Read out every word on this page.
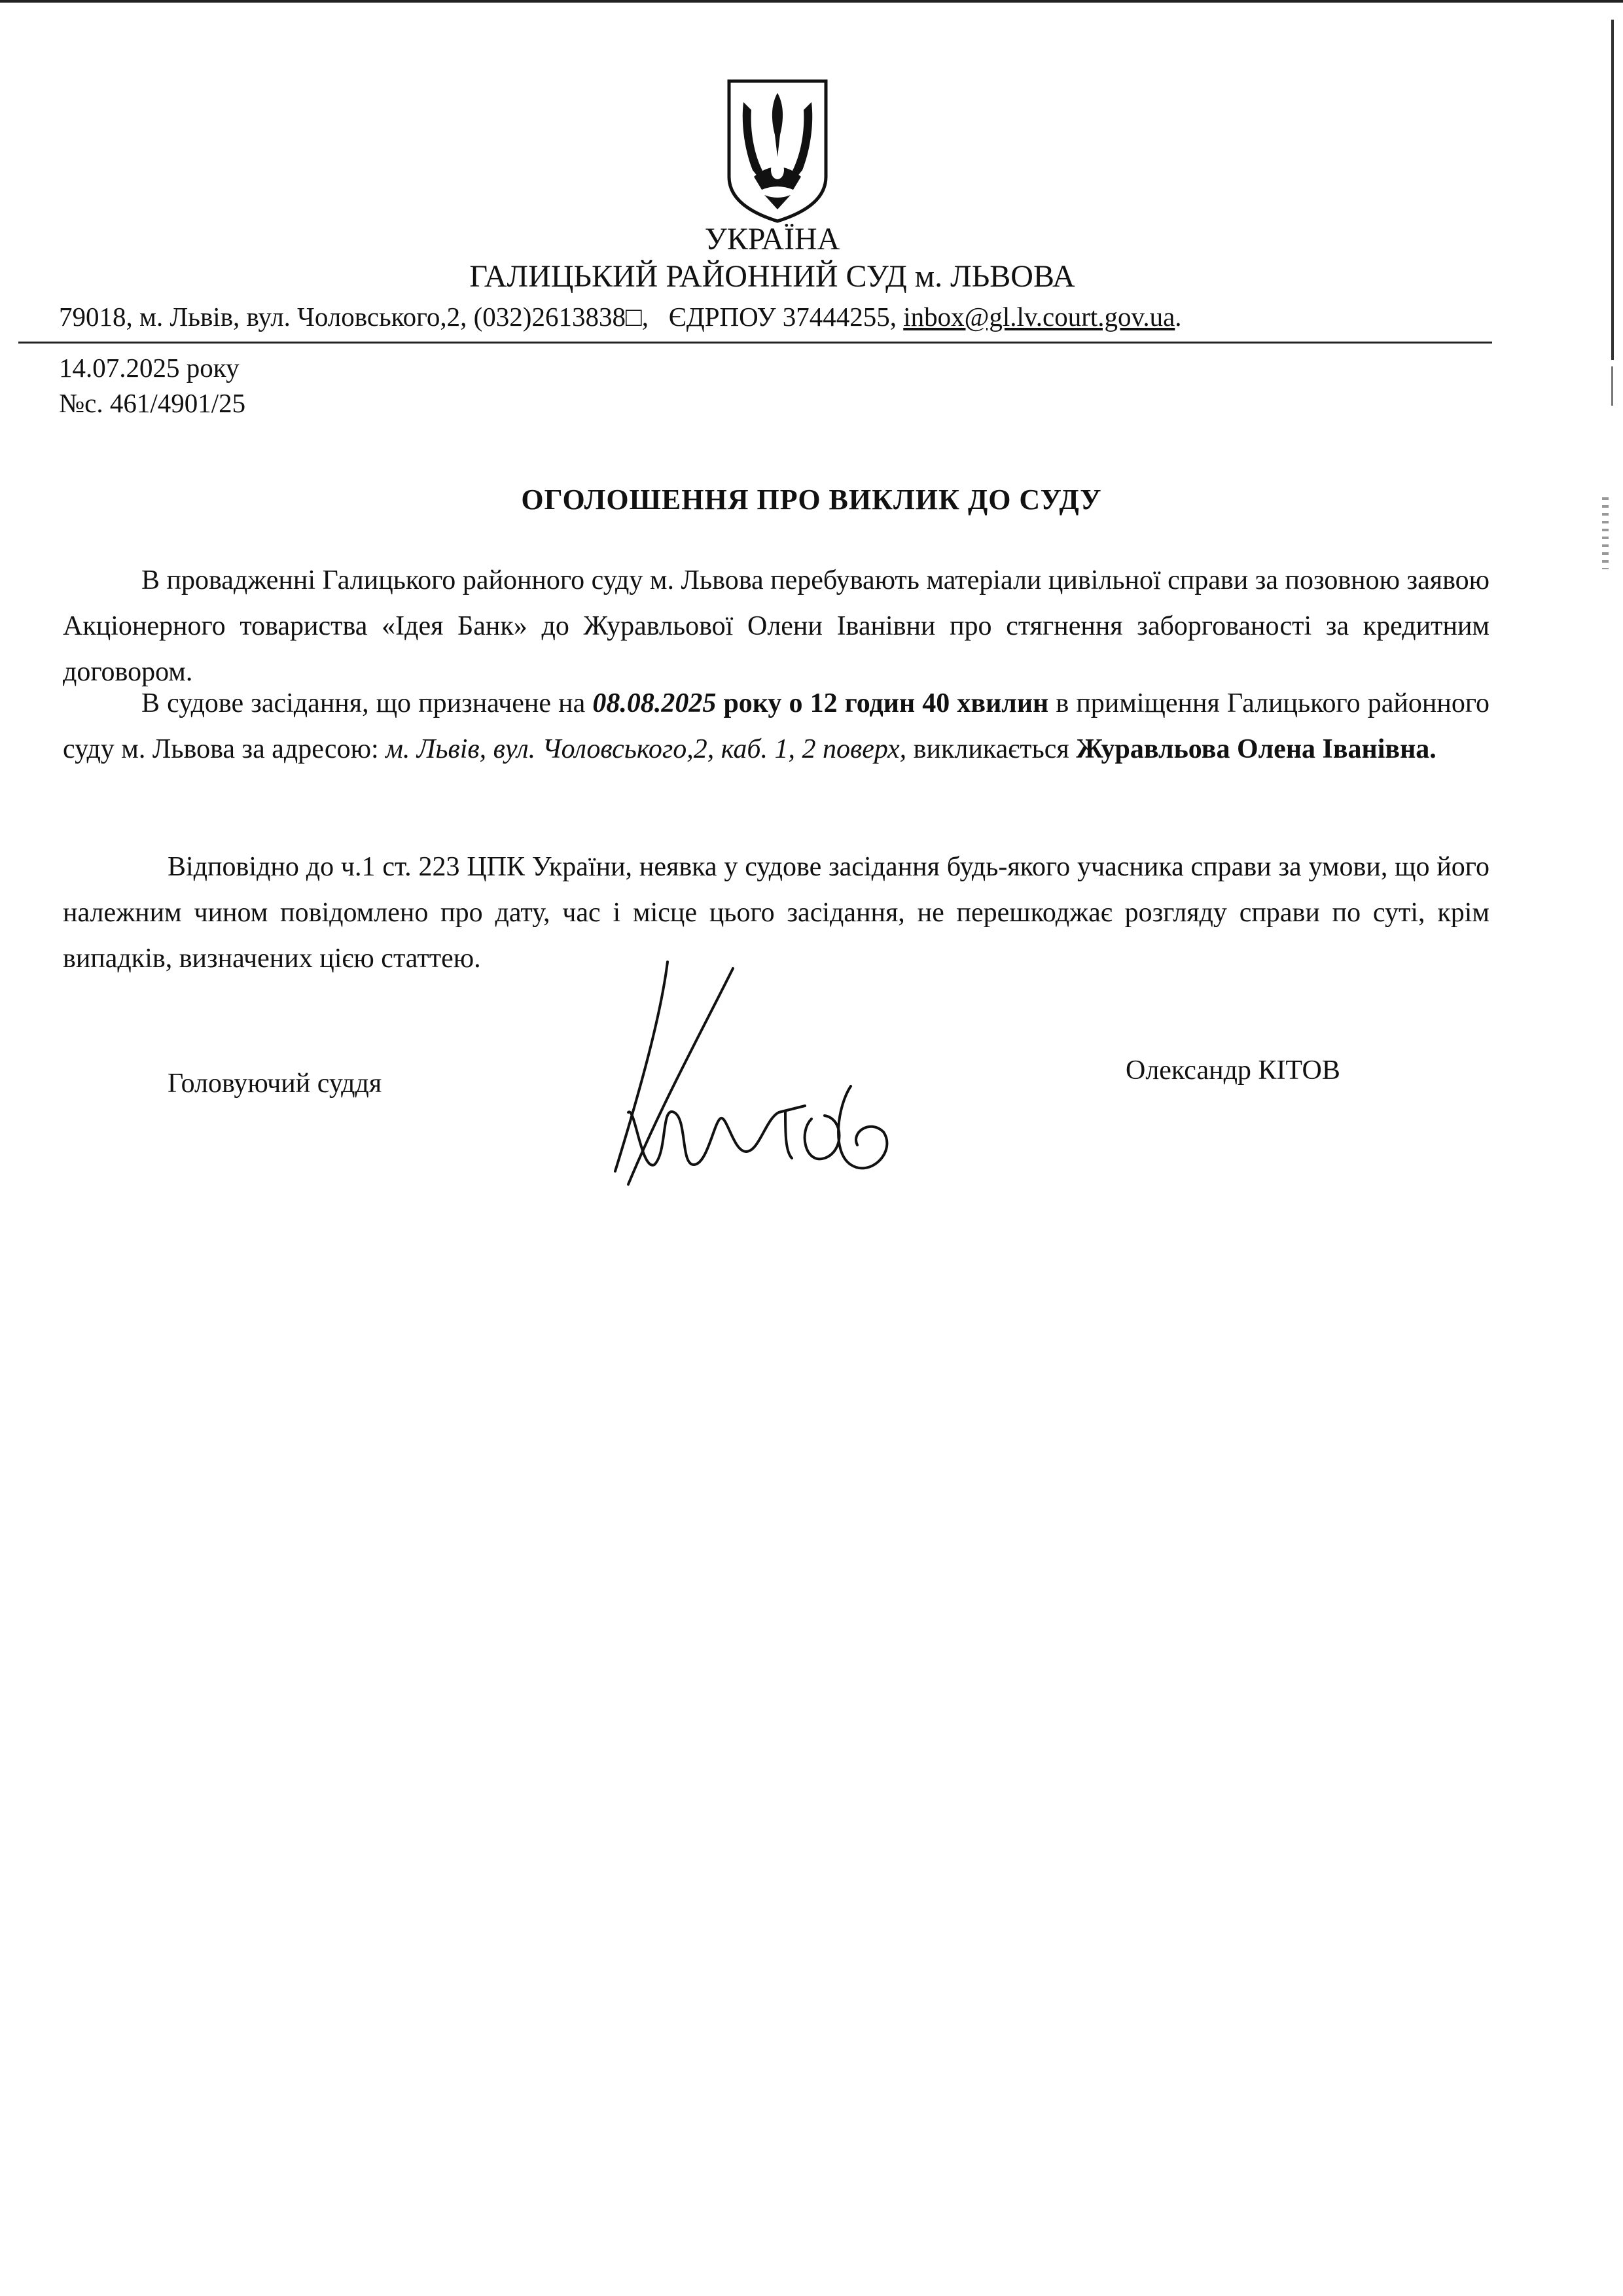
УКРАЇНА
ГАЛИЦЬКИЙ РАЙОННИЙ СУД м. ЛЬВОВА
79018, м. Львів, вул. Чоловського,2, (032)2613838□,   ЄДРПОУ 37444255, inbox@gl.lv.court.gov.ua.
14.07.2025 року
№с. 461/4901/25
ОГОЛОШЕННЯ ПРО ВИКЛИК ДО СУДУ
В провадженні Галицького районного суду м. Львова перебувають матеріали цивільної справи за позовною заявою Акціонерного товариства «Ідея Банк» до Журавльової Олени Іванівни про стягнення заборгованості за кредитним договором.
В судове засідання, що призначене на 08.08.2025 року о 12 годин 40 хвилин в приміщення Галицького районного суду м. Львова за адресою: м. Львів, вул. Чоловського,2, каб. 1, 2 поверх, викликається Журавльова Олена Іванівна.
Відповідно до ч.1 ст. 223 ЦПК України, неявка у судове засідання будь-якого учасника справи за умови, що його належним чином повідомлено про дату, час і місце цього засідання, не перешкоджає розгляду справи по суті, крім випадків, визначених цією статтею.
Головуючий суддя	Олександр КІТОВ
